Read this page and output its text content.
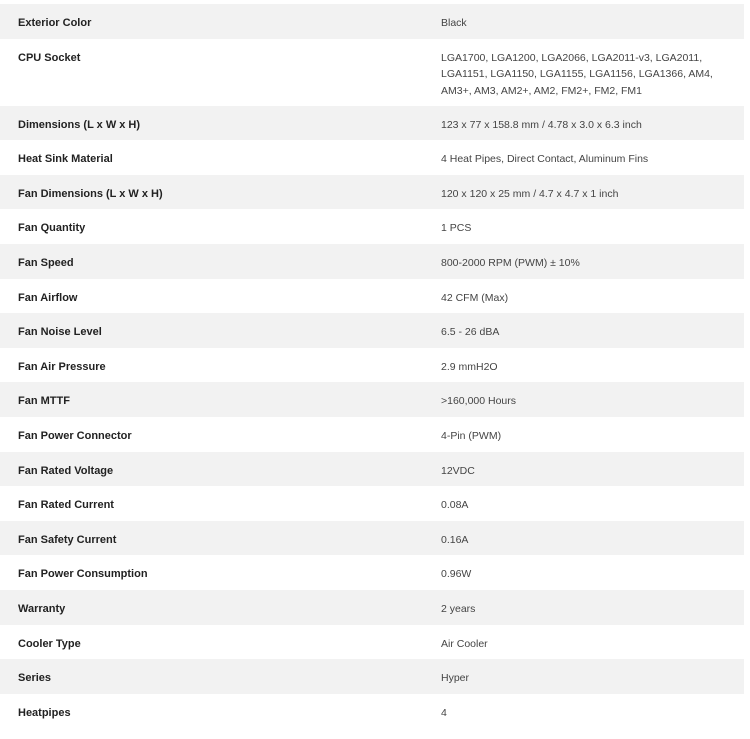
Exterior Color	Black
CPU Socket	LGA1700, LGA1200, LGA2066, LGA2011-v3, LGA2011, LGA1151, LGA1150, LGA1155, LGA1156, LGA1366, AM4, AM3+, AM3, AM2+, AM2, FM2+, FM2, FM1
Dimensions (L x W x H)	123 x 77 x 158.8 mm / 4.78 x 3.0 x 6.3 inch
Heat Sink Material	4 Heat Pipes, Direct Contact, Aluminum Fins
Fan Dimensions (L x W x H)	120 x 120 x 25 mm / 4.7 x 4.7 x 1 inch
Fan Quantity	1 PCS
Fan Speed	800-2000 RPM (PWM) ± 10%
Fan Airflow	42 CFM (Max)
Fan Noise Level	6.5 - 26 dBA
Fan Air Pressure	2.9 mmH2O
Fan MTTF	>160,000 Hours
Fan Power Connector	4-Pin (PWM)
Fan Rated Voltage	12VDC
Fan Rated Current	0.08A
Fan Safety Current	0.16A
Fan Power Consumption	0.96W
Warranty	2 years
Cooler Type	Air Cooler
Series	Hyper
Heatpipes	4
